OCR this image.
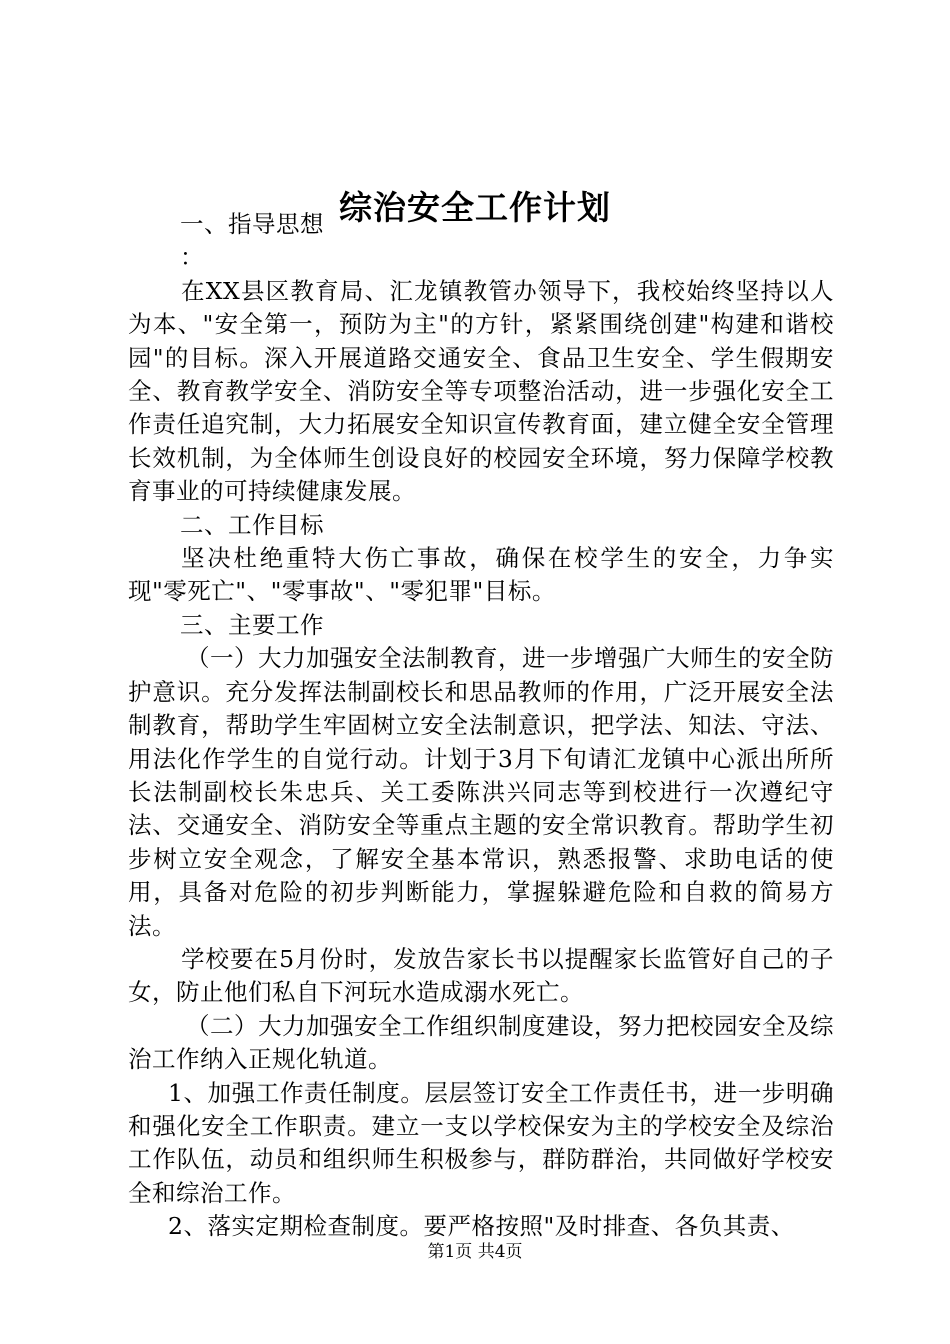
综治安全工作计划
一、指导思想
：

在XX县区教育局、汇龙镇教管办领导下，我校始终坚持以人为本、"安全第一，预防为主"的方针，紧紧围绕创建"构建和谐校园"的目标。深入开展道路交通安全、食品卫生安全、学生假期安全、教育教学安全、消防安全等专项整治活动，进一步强化安全工作责任追究制，大力拓展安全知识宣传教育面，建立健全安全管理长效机制，为全体师生创设良好的校园安全环境，努力保障学校教育事业的可持续健康发展。

二、工作目标

坚决杜绝重特大伤亡事故，确保在校学生的安全，力争实现"零死亡"、"零事故"、"零犯罪"目标。

三、主要工作

（一）大力加强安全法制教育，进一步增强广大师生的安全防护意识。充分发挥法制副校长和思品教师的作用，广泛开展安全法制教育，帮助学生牢固树立安全法制意识，把学法、知法、守法、用法化作学生的自觉行动。计划于3月下旬请汇龙镇中心派出所所长法制副校长朱忠兵、关工委陈洪兴同志等到校进行一次遵纪守法、交通安全、消防安全等重点主题的安全常识教育。帮助学生初步树立安全观念，了解安全基本常识，熟悉报警、求助电话的使用，具备对危险的初步判断能力，掌握躲避危险和自救的简易方法。

学校要在5月份时，发放告家长书以提醒家长监管好自己的子女，防止他们私自下河玩水造成溺水死亡。

（二）大力加强安全工作组织制度建设，努力把校园安全及综治工作纳入正规化轨道。

1、加强工作责任制度。层层签订安全工作责任书，进一步明确和强化安全工作职责。建立一支以学校保安为主的学校安全及综治工作队伍，动员和组织师生积极参与，群防群治，共同做好学校安全和综治工作。

2、落实定期检查制度。要严格按照"及时排查、各负其责、

第1页 共4页
